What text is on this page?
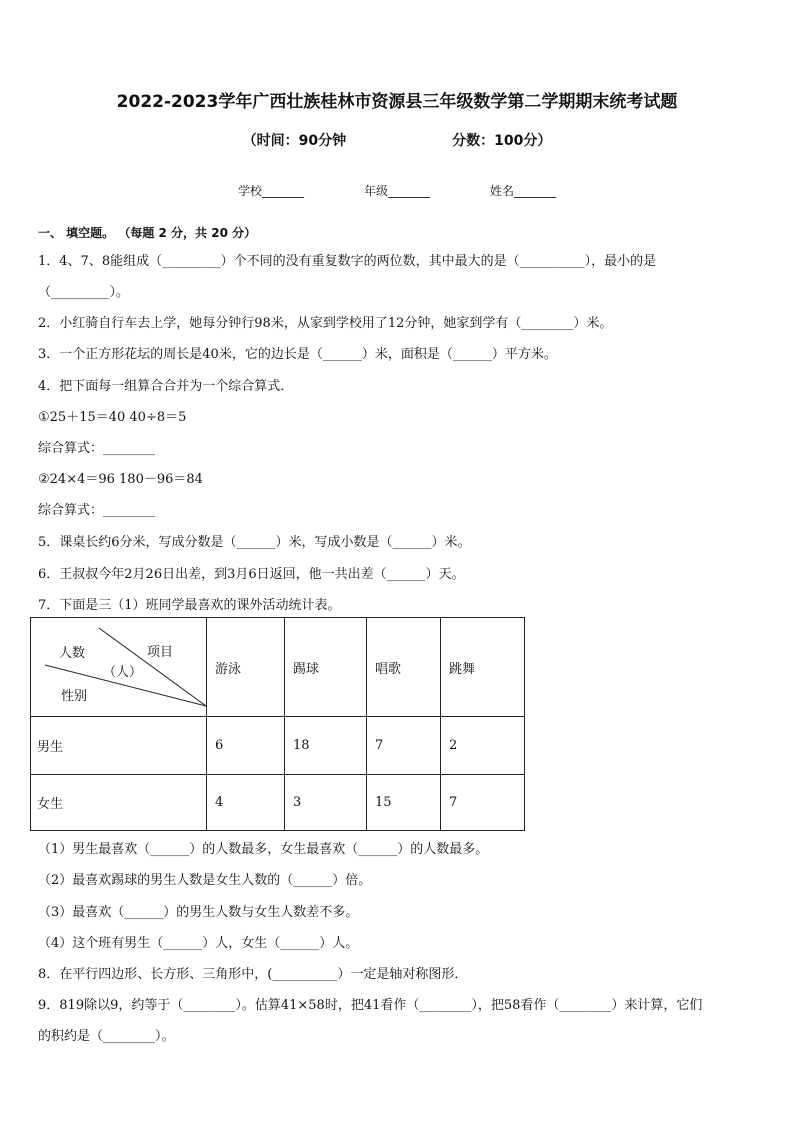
2022-2023学年广西壮族桂林市资源县三年级数学第二学期期末统考试题
（时间：90分钟	分数：100分）
学校_______	年级_______	姓名_______
一、 填空题。 （每题 2 分，共 20 分）
1．4、7、8能组成（_________）个不同的没有重复数字的两位数，其中最大的是（__________），最小的是
（_________）。
2．小红骑自行车去上学，她每分钟行98米，从家到学校用了12分钟，她家到学有（________）米。
3．一个正方形花坛的周长是40米，它的边长是（______）米，面积是（______）平方米。
4．把下面每一组算合合并为一个综合算式．
①25＋15＝40 40÷8＝5
综合算式：________
②24×4＝96 180－96＝84
综合算式：________
5．课桌长约6分米，写成分数是（______）米，写成小数是（______）米。
6．王叔叔今年2月26日出差，到3月6日返回，他一共出差（______）天。
7．下面是三（1）班同学最喜欢的课外活动统计表。
人数
（人）
项目
性别	游泳	踢球	唱歌	跳舞
男生	6	18	7	2
女生	4	3	15	7
（1）男生最喜欢（______）的人数最多，女生最喜欢（______）的人数最多。
（2）最喜欢踢球的男生人数是女生人数的（______）倍。
（3）最喜欢（______）的男生人数与女生人数差不多。
（4）这个班有男生（______）人，女生（______）人。
8．在平行四边形、长方形、三角形中，(__________）一定是轴对称图形．
9．819除以9，约等于（________）。估算41×58时，把41看作（________），把58看作（________）来计算，它们
的积约是（________）。
